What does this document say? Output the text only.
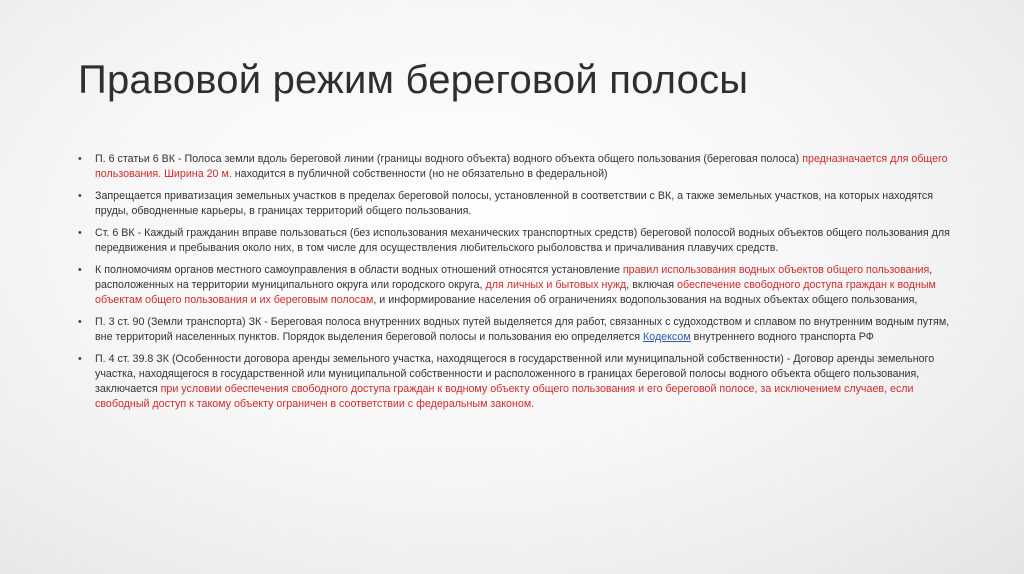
Правовой режим береговой полосы
• П. 6 статьи 6 ВК - Полоса земли вдоль береговой линии (границы водного объекта) водного объекта общего пользования (береговая полоса) предназначается для общего пользования. Ширина 20 м. находится в публичной собственности (но не обязательно в федеральной)
• Запрещается приватизация земельных участков в пределах береговой полосы, установленной в соответствии с ВК, а также земельных участков, на которых находятся пруды, обводненные карьеры, в границах территорий общего пользования.
• Ст. 6 ВК - Каждый гражданин вправе пользоваться (без использования механических транспортных средств) береговой полосой водных объектов общего пользования для передвижения и пребывания около них, в том числе для осуществления любительского рыболовства и причаливания плавучих средств.
• К полномочиям органов местного самоуправления в области водных отношений относятся установление правил использования водных объектов общего пользования, расположенных на территории муниципального округа или городского округа, для личных и бытовых нужд, включая обеспечение свободного доступа граждан к водным объектам общего пользования и их береговым полосам, и информирование населения об ограничениях водопользования на водных объектах общего пользования,
• П. 3 ст. 90 (Земли транспорта) ЗК - Береговая полоса внутренних водных путей выделяется для работ, связанных с судоходством и сплавом по внутренним водным путям, вне территорий населенных пунктов. Порядок выделения береговой полосы и пользования ею определяется Кодексом внутреннего водного транспорта РФ
• П. 4 ст. 39.8 ЗК (Особенности договора аренды земельного участка, находящегося в государственной или муниципальной собственности) - Договор аренды земельного участка, находящегося в государственной или муниципальной собственности и расположенного в границах береговой полосы водного объекта общего пользования, заключается при условии обеспечения свободного доступа граждан к водному объекту общего пользования и его береговой полосе, за исключением случаев, если свободный доступ к такому объекту ограничен в соответствии с федеральным законом.
